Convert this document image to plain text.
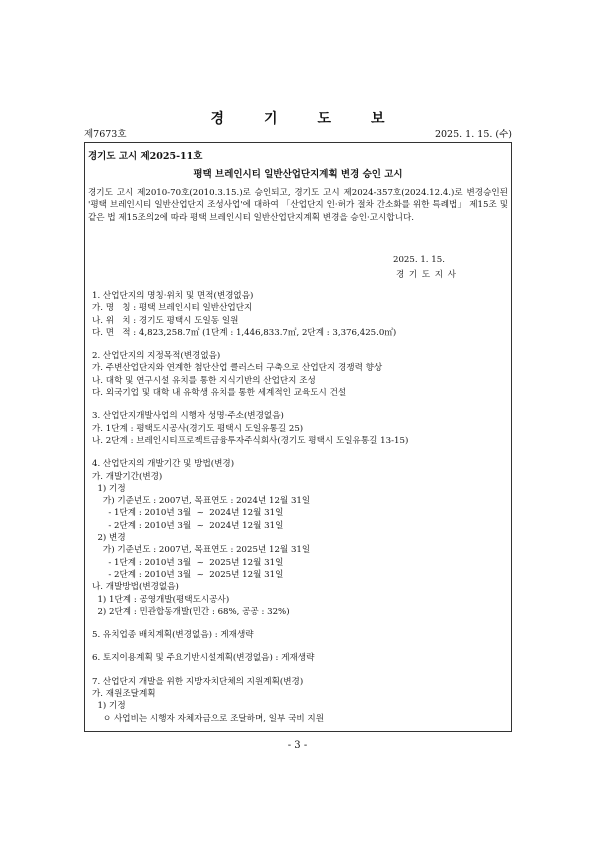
경기도보
제7673호	2025. 1. 15. (수)
경기도 고시 제2025-11호
평택 브레인시티 일반산업단지계획 변경 승인 고시

경기도 고시 제2010-70호(2010.3.15.)로 승인되고, 경기도 고시 제2024-357호(2024.12.4.)로 변경승인된 '평택 브레인시티 일반산업단지 조성사업'에 대하여 「산업단지 인·허가 절차 간소화를 위한 특례법」 제15조 및 같은 법 제15조의2에 따라 평택 브레인시티 일반산업단지계획 변경을 승인·고시합니다.

2025. 1. 15.
경기도지사
1. 산업단지의 명칭·위치 및 면적(변경없음)
가. 명   칭 : 평택 브레인시티 일반산업단지
나. 위   치 : 경기도 평택시 도일동 일원
다. 면   적 : 4,823,258.7㎡ (1단계 : 1,446,833.7㎡, 2단계 : 3,376,425.0㎡)
2. 산업단지의 지정목적(변경없음)
가. 주변산업단지와 연계한 첨단산업 클러스터 구축으로 산업단지 경쟁력 향상
나. 대학 및 연구시설 유치를 통한 지식기반의 산업단지 조성
다. 외국기업 및 대학 내 유학생 유치를 통한 세계적인 교육도시 건설
3. 산업단지개발사업의 시행자 성명·주소(변경없음)
가. 1단계 : 평택도시공사(경기도 평택시 도일유통길 25)
나. 2단계 : 브레인시티프로젝트금융투자주식회사(경기도 평택시 도일유통길 13-15)
4. 산업단지의 개발기간 및 방법(변경)
가. 개발기간(변경)
1) 기정
가) 기준년도 : 2007년, 목표연도 : 2024년 12월 31일
- 1단계 : 2010년 3월  ~  2024년 12월 31일
- 2단계 : 2010년 3월  ~  2024년 12월 31일
2) 변경
가) 기준년도 : 2007년, 목표연도 : 2025년 12월 31일
- 1단계 : 2010년 3월  ~  2025년 12월 31일
- 2단계 : 2010년 3월  ~  2025년 12월 31일
나. 개발방법(변경없음)
1) 1단계 : 공영개발(평택도시공사)
2) 2단계 : 민관합동개발(민간 : 68%, 공공 : 32%)
5. 유치업종 배치계획(변경없음) : 게재생략
6. 토지이용계획 및 주요기반시설계획(변경없음) : 게재생략
7. 산업단지 개발을 위한 지방자치단체의 지원계획(변경)
가. 재원조달계획
1) 기정
ㅇ 사업비는 시행자 자체자금으로 조달하며, 일부 국비 지원
- 3 -
